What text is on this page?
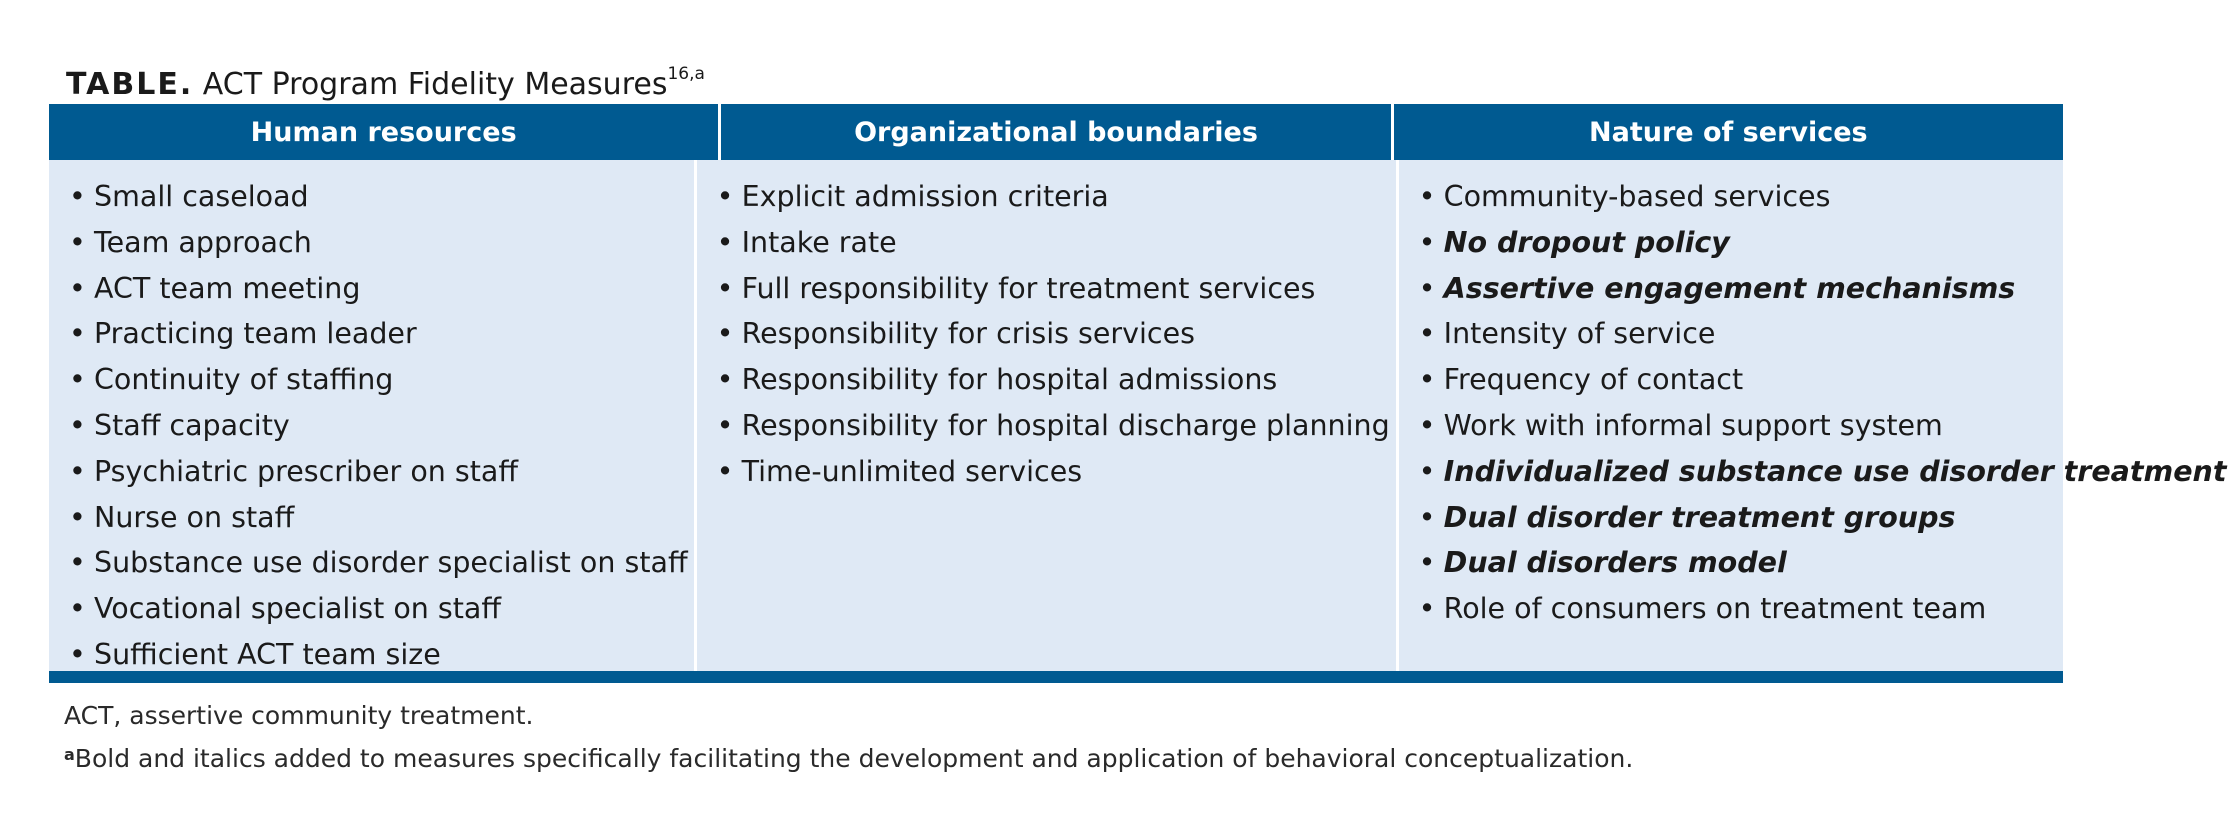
TABLE. ACT Program Fidelity Measures$^{16,a}$
Human resources	Organizational boundaries	Nature of services
• Small caseload
• Team approach
• ACT team meeting
• Practicing team leader
• Continuity of staffing
• Staff capacity
• Psychiatric prescriber on staff
• Nurse on staff
• Substance use disorder specialist on staff
• Vocational specialist on staff
• Sufficient ACT team size
• Explicit admission criteria
• Intake rate
• Full responsibility for treatment services
• Responsibility for crisis services
• Responsibility for hospital admissions
• Responsibility for hospital discharge planning
• Time-unlimited services
• Community-based services
• No dropout policy
• Assertive engagement mechanisms
• Intensity of service
• Frequency of contact
• Work with informal support system
• Individualized substance use disorder treatment
• Dual disorder treatment groups
• Dual disorders model
• Role of consumers on treatment team
ACT, assertive community treatment.
$^a$Bold and italics added to measures specifically facilitating the development and application of behavioral conceptualization.
